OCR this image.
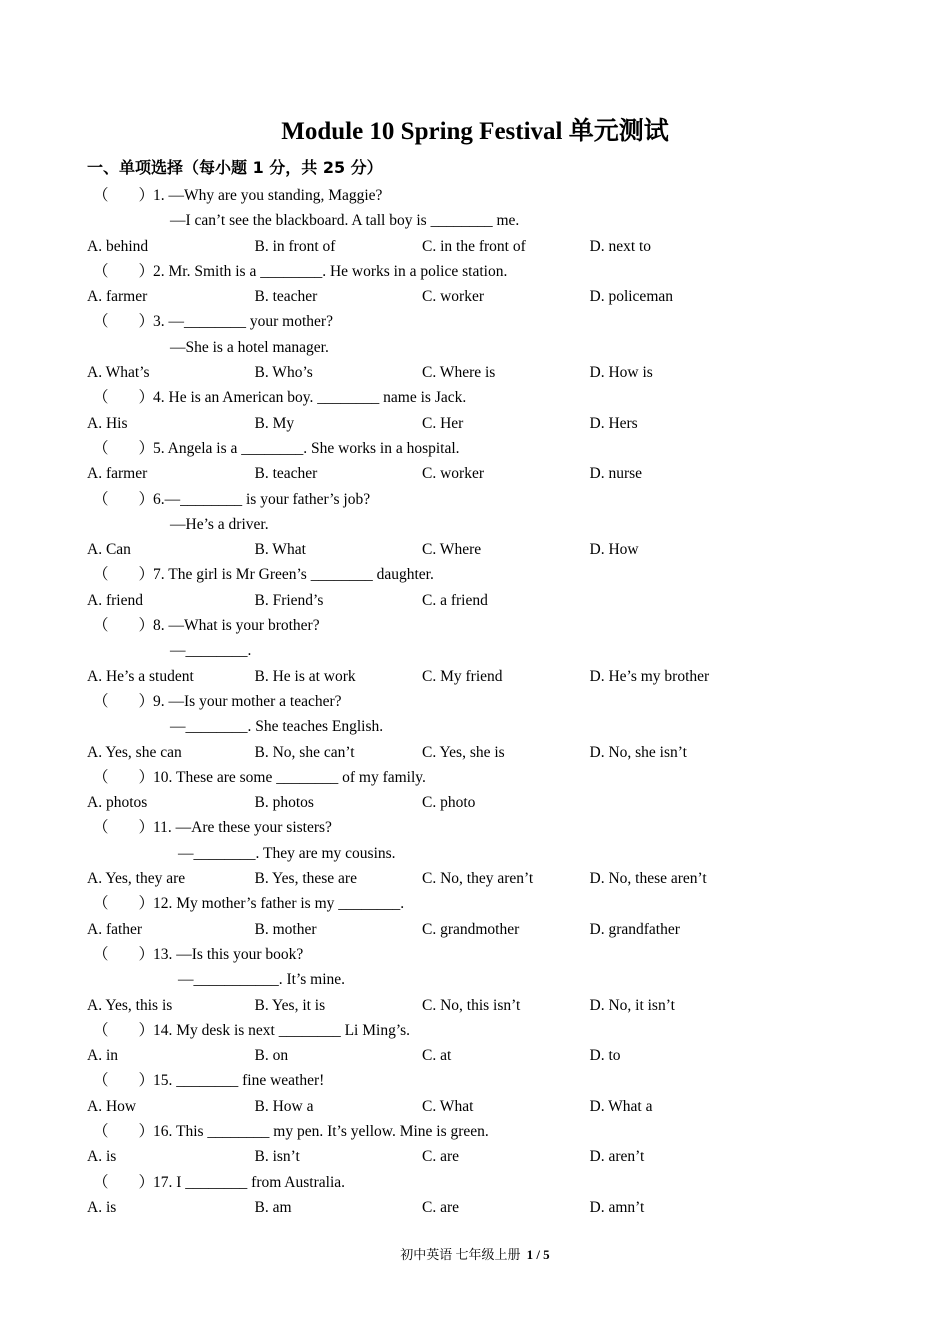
Module 10 Spring Festival 单元测试
一、单项选择（每小题 1 分，共 25 分）
（ ）1. —Why are you standing, Maggie?
—I can’t see the blackboard. A tall boy is ________ me.
A. behind	B. in front of	C. in the front of	D. next to
（ ）2. Mr. Smith is a ________. He works in a police station.
A. farmer	B. teacher	C. worker	D. policeman
（ ）3. —________ your mother?
—She is a hotel manager.
A. What’s	B. Who’s	C. Where is	D. How is
（ ）4. He is an American boy. ________ name is Jack.
A. His	B. My	C. Her	D. Hers
（ ）5. Angela is a ________. She works in a hospital.
A. farmer	B. teacher	C. worker	D. nurse
（ ）6.—________ is your father’s job?
—He’s a driver.
A. Can	B. What	C. Where	D. How
（ ）7. The girl is Mr Green’s ________ daughter.
A. friend	B. Friend’s	C. a friend
（ ）8. —What is your brother?
—________.
A. He’s a student	B. He is at work	C. My friend	D. He’s my brother
（ ）9. —Is your mother a teacher?
—________. She teaches English.
A. Yes, she can	B. No, she can’t	C. Yes, she is	D. No, she isn’t
（ ）10. These are some ________ of my family.
A. photos	B. photos	C. photo
（ ）11. —Are these your sisters?
—________. They are my cousins.
A. Yes, they are	B. Yes, these are	C. No, they aren’t	D. No, these aren’t
（ ）12. My mother’s father is my ________.
A. father	B. mother	C. grandmother	D. grandfather
（ ）13. —Is this your book?
—___________. It’s mine.
A. Yes, this is	B. Yes, it is	C. No, this isn’t	D. No, it isn’t
（ ）14. My desk is next ________ Li Ming’s.
A. in	B. on	C. at	D. to
（ ）15. ________ fine weather!
A. How	B. How a	C. What	D. What a
（ ）16. This ________ my pen. It’s yellow. Mine is green.
A. is	B. isn’t	C. are	D. aren’t
（ ）17. I ________ from Australia.
A. is	B. am	C. are	D. amn’t
初中英语 七年级上册 1 / 5
